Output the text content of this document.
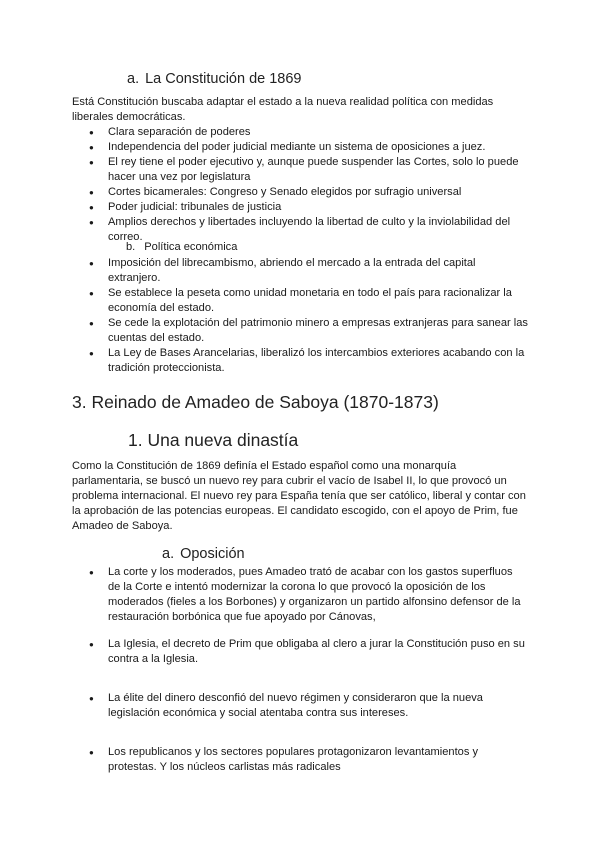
a. La Constitución de 1869
Está Constitución buscaba adaptar el estado a la nueva realidad política con medidas liberales democráticas.
● Clara separación de poderes
● Independencia del poder judicial mediante un sistema de oposiciones a juez.
● El rey tiene el poder ejecutivo y, aunque puede suspender las Cortes, solo lo puede hacer una vez por legislatura
● Cortes bicamerales: Congreso y Senado elegidos por sufragio universal
● Poder judicial: tribunales de justicia
● Amplios derechos y libertades incluyendo la libertad de culto y la inviolabilidad del correo.
b. Política económica
● Imposición del librecambismo, abriendo el mercado a la entrada del capital extranjero.
● Se establece la peseta como unidad monetaria en todo el país para racionalizar la economía del estado.
● Se cede la explotación del patrimonio minero a empresas extranjeras para sanear las cuentas del estado.
● La Ley de Bases Arancelarias, liberalizó los intercambios exteriores acabando con la tradición proteccionista.
3. Reinado de Amadeo de Saboya (1870-1873)
1. Una nueva dinastía
Como la Constitución de 1869 definía el Estado español como una monarquía parlamentaria, se buscó un nuevo rey para cubrir el vacío de Isabel II, lo que provocó un problema internacional. El nuevo rey para España tenía que ser católico, liberal y contar con la aprobación de las potencias europeas. El candidato escogido, con el apoyo de Prim, fue Amadeo de Saboya.
a. Oposición
● La corte y los moderados, pues Amadeo trató de acabar con los gastos superfluos de la Corte e intentó modernizar la corona lo que provocó la oposición de los moderados (fieles a los Borbones) y organizaron un partido alfonsino defensor de la restauración borbónica que fue apoyado por Cánovas,
● La Iglesia, el decreto de Prim que obligaba al clero a jurar la Constitución puso en su contra a la Iglesia.
● La élite del dinero desconfió del nuevo régimen y consideraron que la nueva legislación económica y social atentaba contra sus intereses.
● Los republicanos y los sectores populares protagonizaron levantamientos y protestas. Y los núcleos carlistas más radicales
